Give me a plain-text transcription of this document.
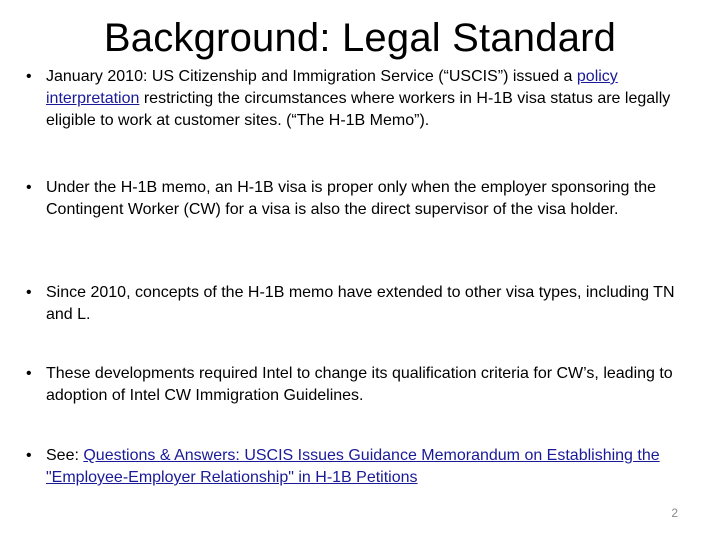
Background: Legal Standard
• January 2010: US Citizenship and Immigration Service (“USCIS”) issued a policy interpretation restricting the circumstances where workers in H-1B visa status are legally eligible to work at customer sites. (“The H-1B Memo”).
• Under the H-1B memo, an H-1B visa is proper only when the employer sponsoring the Contingent Worker (CW) for a visa is also the direct supervisor of the visa holder.
• Since 2010, concepts of the H-1B memo have extended to other visa types, including TN and L.
• These developments required Intel to change its qualification criteria for CW’s, leading to adoption of Intel CW Immigration Guidelines.
• See: Questions & Answers: USCIS Issues Guidance Memorandum on Establishing the "Employee-Employer Relationship" in H-1B Petitions
2
